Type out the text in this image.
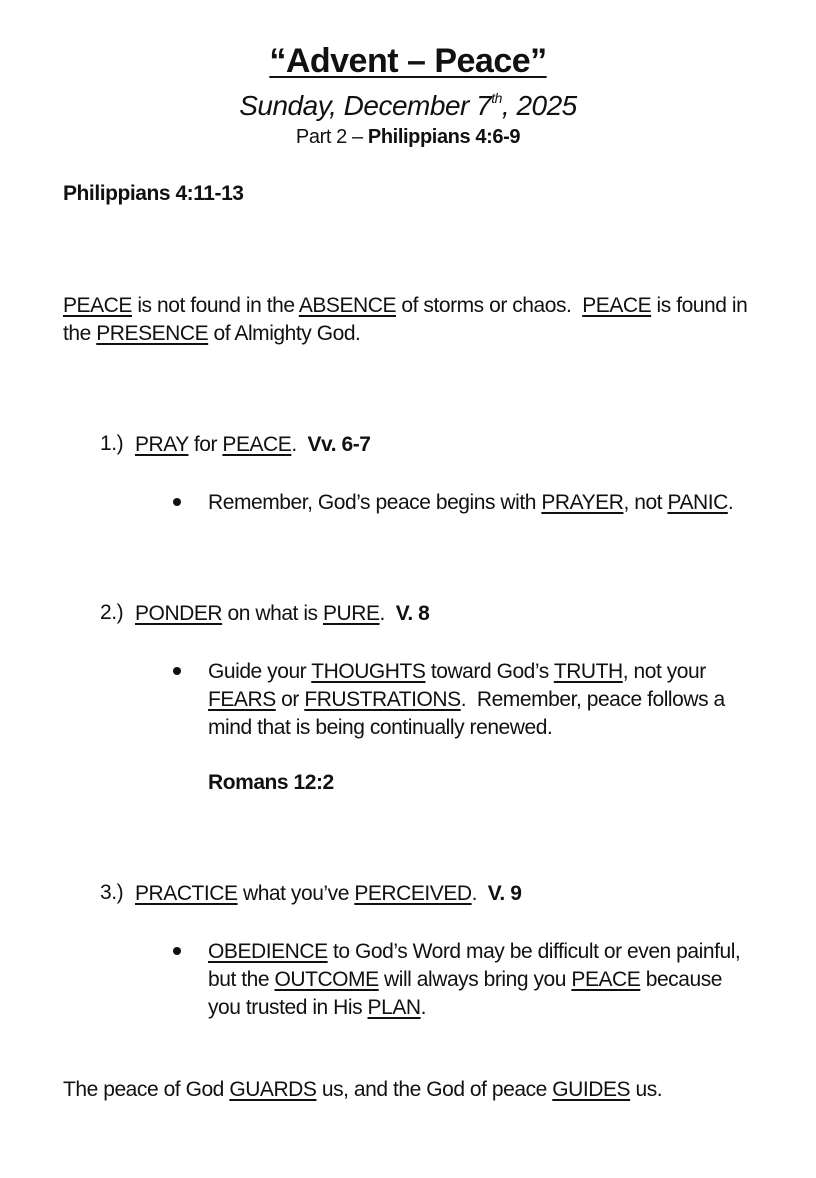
“Advent – Peace”
Sunday, December 7th, 2025
Part 2 – Philippians 4:6-9
Philippians 4:11-13
PEACE is not found in the ABSENCE of storms or chaos.  PEACE is found in
the PRESENCE of Almighty God.
1.) PRAY for PEACE.  Vv. 6-7
Remember, God’s peace begins with PRAYER, not PANIC.
2.) PONDER on what is PURE.  V. 8
Guide your THOUGHTS toward God’s TRUTH, not your
FEARS or FRUSTRATIONS.  Remember, peace follows a
mind that is being continually renewed.
Romans 12:2
3.) PRACTICE what you’ve PERCEIVED.  V. 9
OBEDIENCE to God’s Word may be difficult or even painful,
but the OUTCOME will always bring you PEACE because
you trusted in His PLAN.
The peace of God GUARDS us, and the God of peace GUIDES us.
